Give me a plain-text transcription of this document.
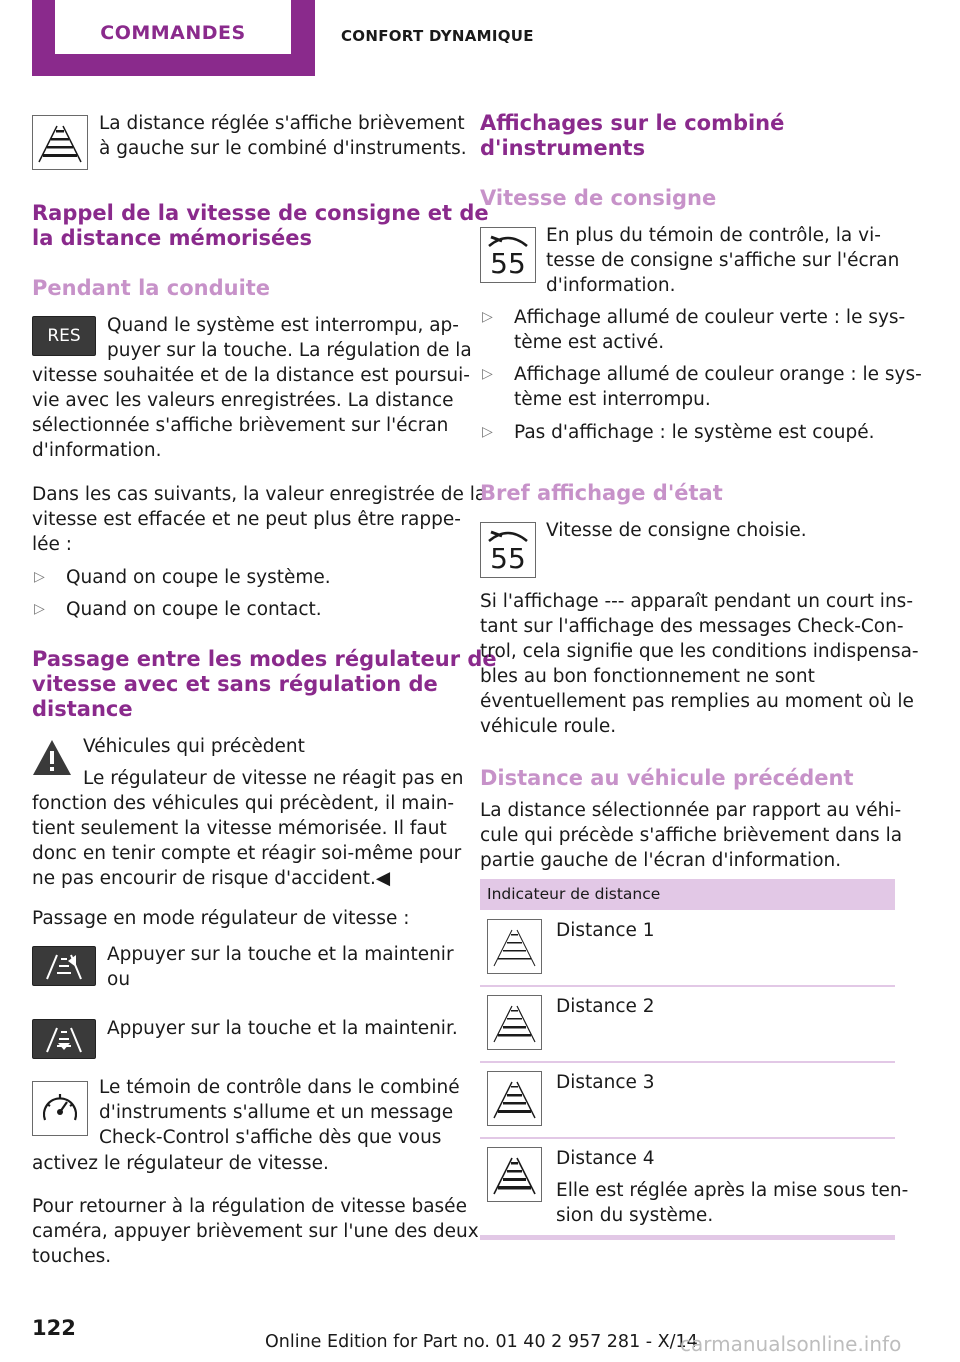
COMMANDES	CONFORT DYNAMIQUE
La distance réglée s'affiche brièvement
à gauche sur le combiné d'instruments.
Rappel de la vitesse de consigne et de
la distance mémorisées
Pendant la conduite
RES	Quand le système est interrompu, ap-
puyer sur la touche. La régulation de la
vitesse souhaitée et de la distance est poursui-
vie avec les valeurs enregistrées. La distance
sélectionnée s'affiche brièvement sur l'écran
d'information.
Dans les cas suivants, la valeur enregistrée de la
vitesse est effacée et ne peut plus être rappe-
lée :
▷ Quand on coupe le système.
▷ Quand on coupe le contact.
Passage entre les modes régulateur de
vitesse avec et sans régulation de
distance
Véhicules qui précèdent
Le régulateur de vitesse ne réagit pas en
fonction des véhicules qui précèdent, il main-
tient seulement la vitesse mémorisée. Il faut
donc en tenir compte et réagir soi-même pour
ne pas encourir de risque d'accident.◀
Passage en mode régulateur de vitesse :
Appuyer sur la touche et la maintenir
ou
Appuyer sur la touche et la maintenir.
Le témoin de contrôle dans le combiné
d'instruments s'allume et un message
Check-Control s'affiche dès que vous
activez le régulateur de vitesse.
Pour retourner à la régulation de vitesse basée
caméra, appuyer brièvement sur l'une des deux
touches.
Affichages sur le combiné
d'instruments
Vitesse de consigne
55
En plus du témoin de contrôle, la vi-
tesse de consigne s'affiche sur l'écran
d'information.
▷ Affichage allumé de couleur verte : le sys-
tème est activé.
▷ Affichage allumé de couleur orange : le sys-
tème est interrompu.
▷ Pas d'affichage : le système est coupé.
Bref affichage d'état
55
Vitesse de consigne choisie.
Si l'affichage --- apparaît pendant un court ins-
tant sur l'affichage des messages Check-Con-
trol, cela signifie que les conditions indispensa-
bles au bon fonctionnement ne sont
éventuellement pas remplies au moment où le
véhicule roule.
Distance au véhicule précédent
La distance sélectionnée par rapport au véhi-
cule qui précède s'affiche brièvement dans la
partie gauche de l'écran d'information.
Indicateur de distance
Distance 1
Distance 2
Distance 3
Distance 4
Elle est réglée après la mise sous ten-
sion du système.
122
Online Edition for Part no. 01 40 2 957 281 - X/14
carmanualsonline.info
